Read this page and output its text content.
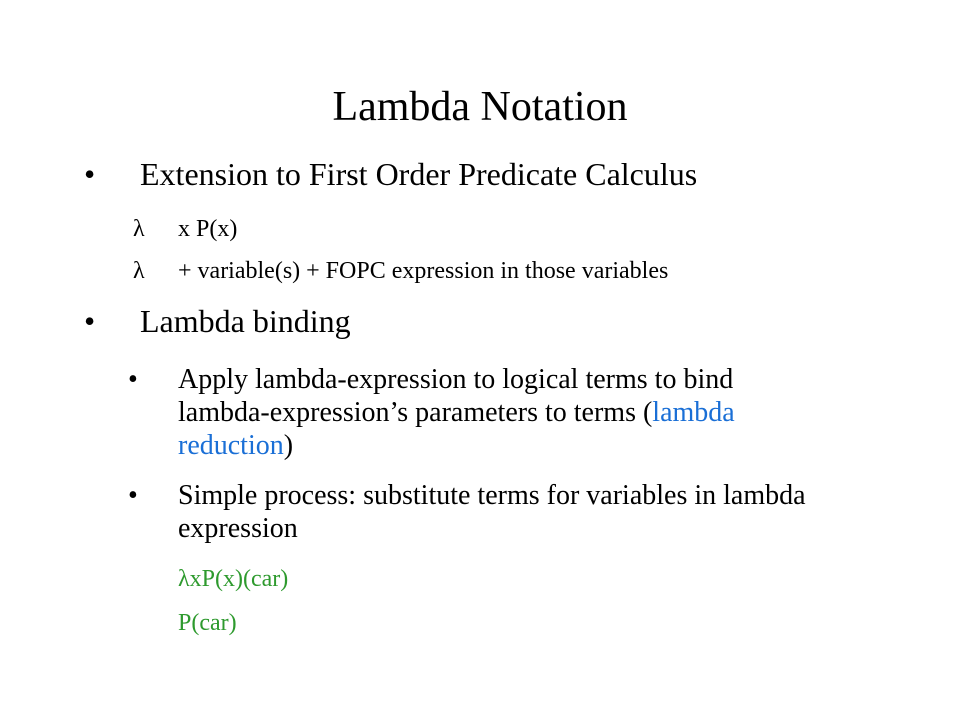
Lambda Notation
• Extension to First Order Predicate Calculus
λ x P(x)
λ + variable(s) + FOPC expression in those variables
• Lambda binding
• Apply lambda-expression to logical terms to bind lambda-expression’s parameters to terms (lambda reduction)
• Simple process: substitute terms for variables in lambda expression
λxP(x)(car)
P(car)
